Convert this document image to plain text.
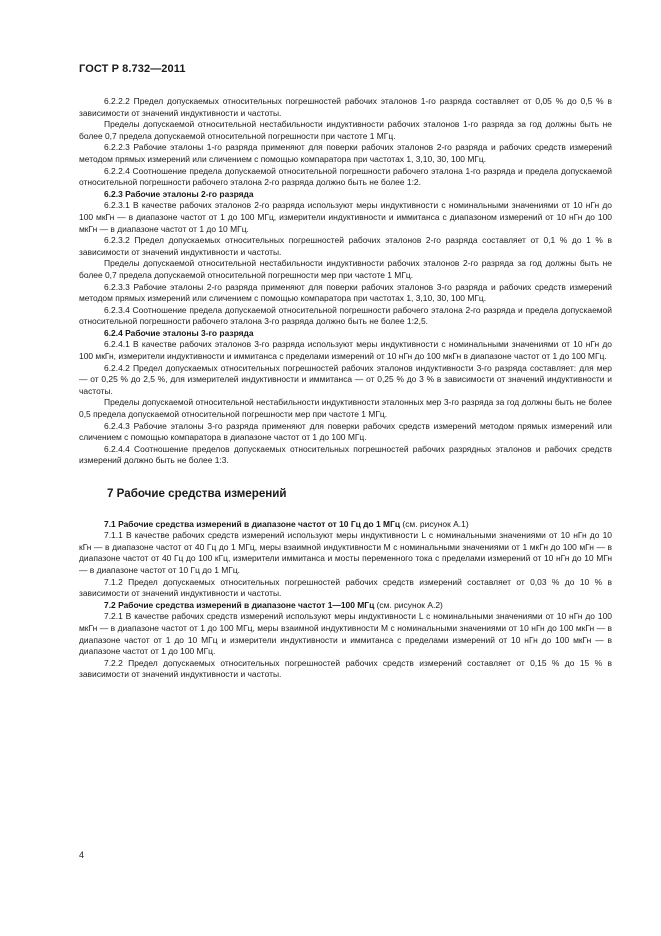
ГОСТ Р 8.732—2011

6.2.2.2 Предел допускаемых относительных погрешностей рабочих эталонов 1-го разряда составляет от 0,05 % до 0,5 % в зависимости от значений индуктивности и частоты.

Пределы допускаемой относительной нестабильности индуктивности рабочих эталонов 1-го разряда за год должны быть не более 0,7 предела допускаемой относительной погрешности при частоте 1 МГц.

6.2.2.3 Рабочие эталоны 1-го разряда применяют для поверки рабочих эталонов 2-го разряда и рабочих средств измерений методом прямых измерений или сличением с помощью компаратора при частотах 1, 3,10, 30, 100 МГц.

6.2.2.4 Соотношение предела допускаемой относительной погрешности рабочего эталона 1-го разряда и предела допускаемой относительной погрешности рабочего эталона 2-го разряда должно быть не более 1:2.

6.2.3 Рабочие эталоны 2-го разряда

6.2.3.1 В качестве рабочих эталонов 2-го разряда используют меры индуктивности с номинальными значениями от 10 нГн до 100 мкГн — в диапазоне частот от 1 до 100 МГц, измерители индуктивности и иммитанса с диапазоном измерений от 10 нГн до 100 мкГн — в диапазоне частот от 1 до 10 МГц.

6.2.3.2 Предел допускаемых относительных погрешностей рабочих эталонов 2-го разряда составляет от 0,1 % до 1 % в зависимости от значений индуктивности и частоты.

Пределы допускаемой относительной нестабильности индуктивности рабочих эталонов 2-го разряда за год должны быть не более 0,7 предела допускаемой относительной погрешности мер при частоте 1 МГц.

6.2.3.3 Рабочие эталоны 2-го разряда применяют для поверки рабочих эталонов 3-го разряда и рабочих средств измерений методом прямых измерений или сличением с помощью компаратора при частотах 1, 3,10, 30, 100 МГц.

6.2.3.4 Соотношение предела допускаемой относительной погрешности рабочего эталона 2-го разряда и предела допускаемой относительной погрешности рабочего эталона 3-го разряда должно быть не более 1:2,5.

6.2.4 Рабочие эталоны 3-го разряда

6.2.4.1 В качестве рабочих эталонов 3-го разряда используют меры индуктивности с номинальными значениями от 10 нГн до 100 мкГн, измерители индуктивности и иммитанса с пределами измерений от 10 нГн до 100 мкГн в диапазоне частот от 1 до 100 МГц.

6.2.4.2 Предел допускаемых относительных погрешностей рабочих эталонов индуктивности 3-го разряда составляет: для мер — от 0,25 % до 2,5 %, для измерителей индуктивности и иммитанса — от 0,25 % до 3 % в зависимости от значений индуктивности и частоты.

Пределы допускаемой относительной нестабильности индуктивности эталонных мер 3-го разряда за год должны быть не более 0,5 предела допускаемой относительной погрешности мер при частоте 1 МГц.

6.2.4.3 Рабочие эталоны 3-го разряда применяют для поверки рабочих средств измерений методом прямых измерений или сличением с помощью компаратора в диапазоне частот от 1 до 100 МГц.

6.2.4.4 Соотношение пределов допускаемых относительных погрешностей рабочих разрядных эталонов и рабочих средств измерений должно быть не более 1:3.

7 Рабочие средства измерений

7.1 Рабочие средства измерений в диапазоне частот от 10 Гц до 1 МГц (см. рисунок А.1)

7.1.1 В качестве рабочих средств измерений используют меры индуктивности L с номинальными значениями от 10 нГн до 10 кГн — в диапазоне частот от 40 Гц до 1 МГц, меры взаимной индуктивности M с номинальными значениями от 1 мкГн до 100 мГн — в диапазоне частот от 40 Гц до 100 кГц, измерители иммитанса и мосты переменного тока с пределами измерений от 10 нГн до 10 МГн — в диапазоне частот от 10 Гц до 1 МГц.

7.1.2 Предел допускаемых относительных погрешностей рабочих средств измерений составляет от 0,03 % до 10 % в зависимости от значений индуктивности и частоты.

7.2 Рабочие средства измерений в диапазоне частот 1—100 МГц (см. рисунок А.2)

7.2.1 В качестве рабочих средств измерений используют меры индуктивности L с номинальными значениями от 10 нГн до 100 мкГн — в диапазоне частот от 1 до 100 МГц, меры взаимной индуктивности M с номинальными значениями от 10 нГн до 100 мкГн — в диапазоне частот от 1 до 10 МГц и измерители индуктивности и иммитанса с пределами измерений от 10 нГн до 100 мкГн — в диапазоне частот от 1 до 100 МГц.

7.2.2 Предел допускаемых относительных погрешностей рабочих средств измерений составляет от 0,15 % до 15 % в зависимости от значений индуктивности и частоты.

4
